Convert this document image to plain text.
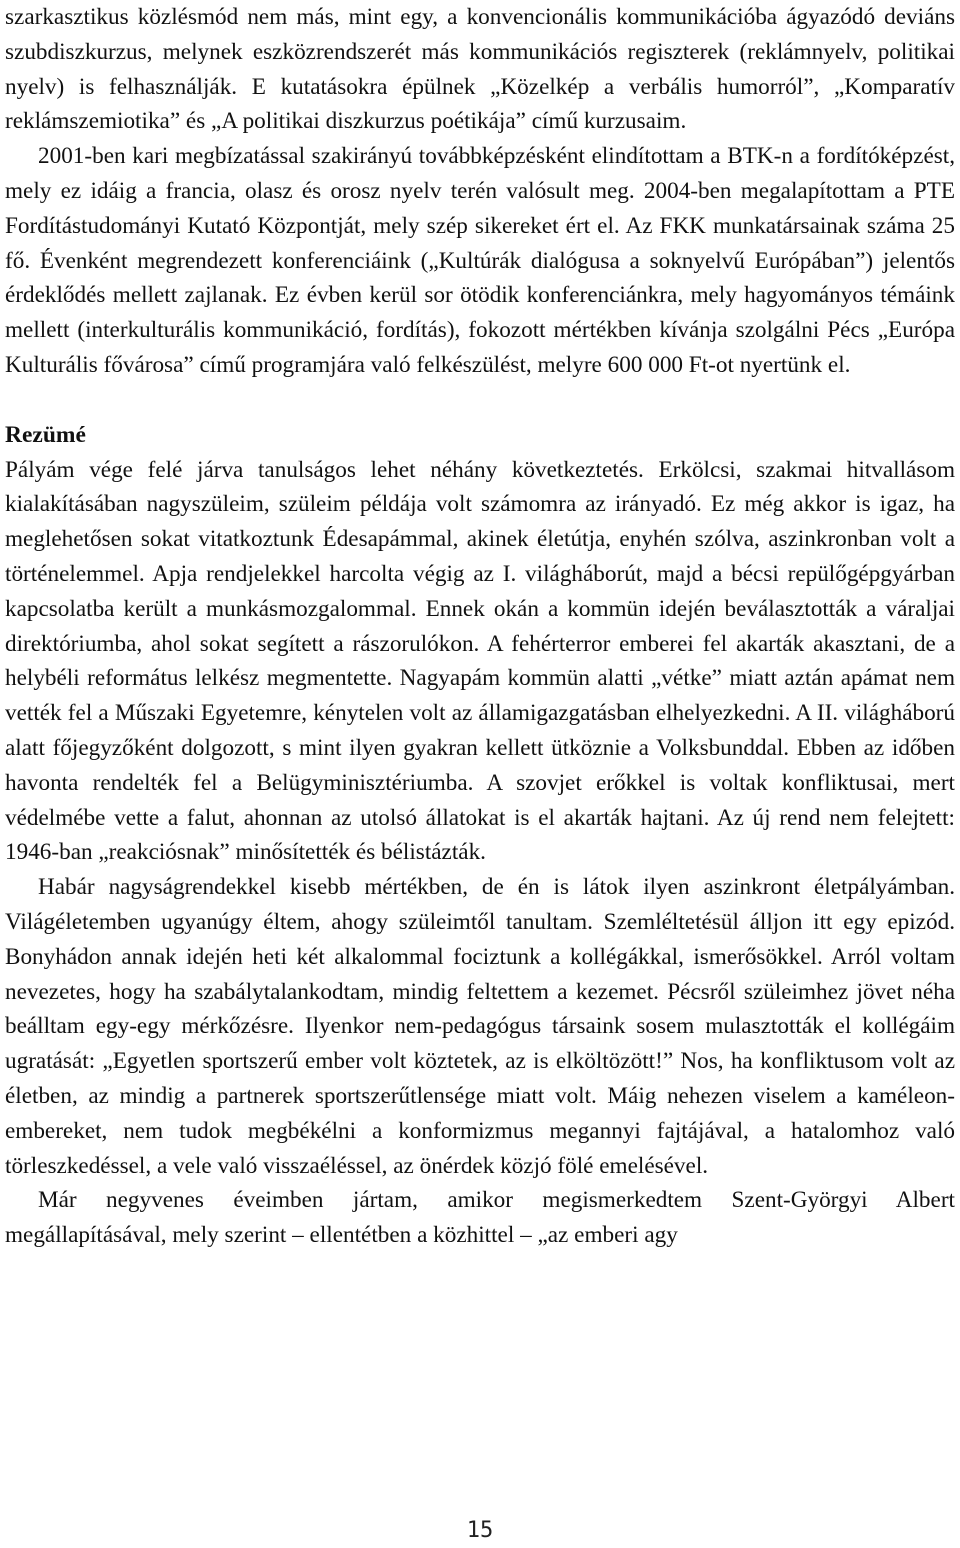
szarkasztikus közlésmód nem más, mint egy, a konvencionális kommunikációba ágyazódó deviáns szubdiszkurzus, melynek eszközrendszerét más kommunikációs regiszterek (reklámnyelv, politikai nyelv) is felhasználják. E kutatásokra épülnek „Közelkép a verbális humorról”, „Komparatív reklámszemiotika” és „A politikai diszkurzus poétikája” című kurzusaim.

2001-ben kari megbízatással szakirányú továbbképzésként elindítottam a BTK-n a fordítóképzést, mely ez idáig a francia, olasz és orosz nyelv terén valósult meg. 2004-ben megalapítottam a PTE Fordítástudományi Kutató Központját, mely szép sikereket ért el. Az FKK munkatársainak száma 25 fő. Évenként megrendezett konferenciáink („Kultúrák dialógusa a soknyelvű Európában”) jelentős érdeklődés mellett zajlanak. Ez évben kerül sor ötödik konferenciánkra, mely hagyományos témáink mellett (interkulturális kommunikáció, fordítás), fokozott mértékben kívánja szolgálni Pécs „Európa Kulturális fővárosa” című programjára való felkészülést, melyre 600 000 Ft-ot nyertünk el.

Rezümé

Pályám vége felé járva tanulságos lehet néhány következtetés. Erkölcsi, szakmai hitvallásom kialakításában nagyszüleim, szüleim példája volt számomra az irányadó. Ez még akkor is igaz, ha meglehetősen sokat vitatkoztunk Édesapámmal, akinek életútja, enyhén szólva, aszinkronban volt a történelemmel. Apja rendjelekkel harcolta végig az I. világháborút, majd a bécsi repülőgépgyárban kapcsolatba került a munkásmozgalommal. Ennek okán a kommün idején beválasztották a váraljai direktóriumba, ahol sokat segített a rászorulókon. A fehérterror emberei fel akarták akasztani, de a helybéli református lelkész megmentette. Nagyapám kommün alatti „vétke” miatt aztán apámat nem vették fel a Műszaki Egyetemre, kénytelen volt az államigazgatásban elhelyezkedni. A II. világháború alatt főjegyzőként dolgozott, s mint ilyen gyakran kellett ütköznie a Volksbunddal. Ebben az időben havonta rendelték fel a Belügyminisztériumba. A szovjet erőkkel is voltak konfliktusai, mert védelmébe vette a falut, ahonnan az utolsó állatokat is el akarták hajtani. Az új rend nem felejtett: 1946-ban „reakciósnak” minősítették és bélistázták.

Habár nagyságrendekkel kisebb mértékben, de én is látok ilyen aszinkront életpályámban. Világéletemben ugyanúgy éltem, ahogy szüleimtől tanultam. Szemléltetésül álljon itt egy epizód. Bonyhádon annak idején heti két alkalommal fociztunk a kollégákkal, ismerősökkel. Arról voltam nevezetes, hogy ha szabálytalankodtam, mindig feltettem a kezemet. Pécsről szüleimhez jövet néha beálltam egy-egy mérkőzésre. Ilyenkor nem-pedagógus társaink sosem mulasztották el kollégáim ugratását: „Egyetlen sportszerű ember volt köztetek, az is elköltözött!” Nos, ha konfliktusom volt az életben, az mindig a partnerek sportszerűtlensége miatt volt. Máig nehezen viselem a kaméleon-embereket, nem tudok megbékélni a konformizmus megannyi fajtájával, a hatalomhoz való törleszkedéssel, a vele való visszaéléssel, az önérdek közjó fölé emelésével.

Már negyvenes éveimben jártam, amikor megismerkedtem Szent-Györgyi Albert megállapításával, mely szerint – ellentétben a közhittel – „az emberi agy

15
